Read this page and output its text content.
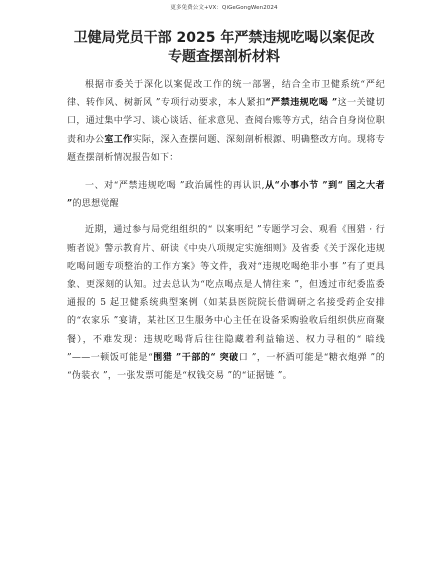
更多免费公文+VX：QiGeGongWen2024
卫健局党员干部 2025 年严禁违规吃喝以案促改
专题查摆剖析材料

根据市委关于深化以案促改工作的统一部署，结合全市卫健系统“严纪律、转作风、树新风 ”专项行动要求，本人紧扣“严禁违规吃喝 ”这一关键切口，通过集中学习、谈心谈话、征求意见、查阅台账等方式，结合自身岗位职责和办公室工作实际，深入查摆问题、深刻剖析根源、明确整改方向。现将专题查摆剖析情况报告如下：

一、对“严禁违规吃喝 ”政治属性的再认识,从“小事小节 ”到“ 国之大者 ”的思想觉醒

近期，通过参与局党组组织的“ 以案明纪 ”专题学习会、观看《围猎 · 行贿者说》警示教育片、研读《中央八项规定实施细则》及省委《关于深化违规吃喝问题专项整治的工作方案》等文件，我对“违规吃喝绝非小事 ”有了更具象、更深刻的认知。过去总认为“吃点喝点是人情往来 ”，但透过市纪委监委通报的 5 起卫健系统典型案例（如某县医院院长借调研之名接受药企安排的“农家乐 ”宴请，某社区卫生服务中心主任在设备采购验收后组织供应商聚餐），不难发现：违规吃喝背后往往隐藏着利益输送、权力寻租的“ 暗线 ”——一顿饭可能是“围猎 ”干部的“ 突破口 ”，一杯酒可能是“糖衣炮弹 ”的 “伪装衣 ”，一张发票可能是“权钱交易 ”的“证据链 ”。
